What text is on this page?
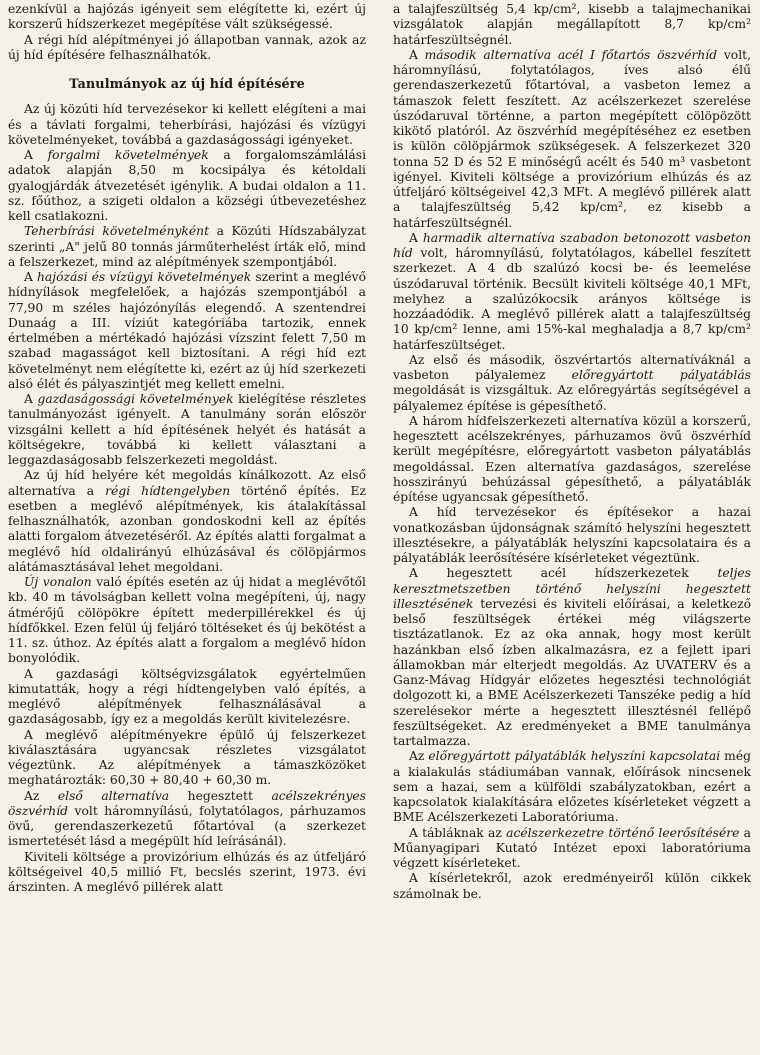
ezenkívül a hajózás igényeit sem elégítette ki, ezért új korszerű hídszerkezet megépítése vált szükségessé.

A régi híd alépítményei jó állapotban vannak, azok az új híd építésére felhasználhatók.

Tanulmányok az új híd építésére

Az új közúti híd tervezésekor ki kellett elégíteni a mai és a távlati forgalmi, teherbírási, hajózási és vízügyi követelményeket, továbbá a gazdaságossági igényeket.

A forgalmi követelmények a forgalomszámlálási adatok alapján 8,50 m kocsipálya és kétoldali gyalogjárdák átvezetését igénylik. A budai oldalon a 11. sz. főúthoz, a szigeti oldalon a községi útbevezetéshez kell csatlakozni.

Teherbírási követelményként a Közúti Hídszabályzat szerinti „A" jelű 80 tonnás járműterhelést írták elő, mind a felszerkezet, mind az alépítmények szempontjából.

A hajózási és vízügyi követelmények szerint a meglévő hídnyílások megfelelőek, a hajózás szempontjából a 77,90 m széles hajózónyílás elegendő. A szentendrei Dunaág a III. víziút kategóriába tartozik, ennek értelmében a mértékadó hajózási vízszint felett 7,50 m szabad magasságot kell biztosítani. A régi híd ezt követelményt nem elégítette ki, ezért az új híd szerkezeti alsó élét és pályaszintjét meg kellett emelni.

A gazdaságossági követelmények kielégítése részletes tanulmányozást igényelt. A tanulmány során először vizsgálni kellett a híd építésének helyét és hatását a költségekre, továbbá ki kellett választani a leggazdaságosabb felszerkezeti megoldást.

Az új híd helyére két megoldás kínálkozott. Az első alternatíva a régi hídtengelyben történő építés. Ez esetben a meglévő alépítmények, kis átalakítással felhasználhatók, azonban gondoskodni kell az építés alatti forgalom átvezetéséről. Az építés alatti forgalmat a meglévő híd oldalirányú elhúzásával és cölöpjármos alátámasztásával lehet megoldani.

Új vonalon való építés esetén az új hidat a meglévőtől kb. 40 m távolságban kellett volna megépíteni, új, nagy átmérőjű cölöpökre épített mederpillérekkel és új hídfőkkel. Ezen felül új feljáró töltéseket és új bekötést a 11. sz. úthoz. Az építés alatt a forgalom a meglévő hídon bonyolódik.

A gazdasági költségvizsgálatok egyértelműen kimutatták, hogy a régi hídtengelyben való építés, a meglévő alépítmények felhasználásával a gazdaságosabb, így ez a megoldás került kivitelezésre.

A meglévő alépítményekre épülő új felszerkezet kiválasztására ugyancsak részletes vizsgálatot végeztünk. Az alépítmények a támaszközöket meghatározták: 60,30 + 80,40 + 60,30 m.

Az első alternatíva hegesztett acélszekrényes öszvérhíd volt háromnyílású, folytatólagos, párhuzamos övű, gerendaszerkezetű főtartóval (a szerkezet ismertetését lásd a megépült híd leírásánál).

Kiviteli költsége a provizórium elhúzás és az útfeljáró költségeivel 40,5 millió Ft, becslés szerint, 1973. évi árszinten. A meglévő pillérek alatt

a talajfeszültség 5,4 kp/cm², kisebb a talajmechanikai vizsgálatok alapján megállapított 8,7 kp/cm² határfeszültségnél.

A második alternatíva acél I főtartós öszvérhíd volt, háromnyílású, folytatólagos, íves alsó élű gerendaszerkezetű főtartóval, a vasbeton lemez a támaszok felett feszített. Az acélszerkezet szerelése úszódaruval történne, a parton megépített cölöpözött kikötő platóról. Az öszvérhíd megépítéséhez ez esetben is külön cölöpjármok szükségesek. A felszerkezet 320 tonna 52 D és 52 E minőségű acélt és 540 m³ vasbetont igényel. Kiviteli költsége a provizórium elhúzás és az útfeljáró költségeivel 42,3 MFt. A meglévő pillérek alatt a talajfeszültség 5,42 kp/cm², ez kisebb a határfeszültségnél.

A harmadik alternatíva szabadon betonozott vasbeton híd volt, háromnyílású, folytatólagos, kábellel feszített szerkezet. A 4 db szalúzó kocsi be- és leemelése úszódaruval történik. Becsült kiviteli költsége 40,1 MFt, melyhez a szalúzókocsik arányos költsége is hozzáadódik. A meglévő pillérek alatt a talajfeszültség 10 kp/cm² lenne, ami 15%-kal meghaladja a 8,7 kp/cm² határfeszültséget.

Az első és második, öszvértartós alternatíváknál a vasbeton pályalemez előregyártott pályatáblás megoldását is vizsgáltuk. Az előregyártás segítségével a pályalemez építése is gépesíthető.

A három hídfelszerkezeti alternatíva közül a korszerű, hegesztett acélszekrényes, párhuzamos övű öszvérhíd került megépítésre, előregyártott vasbeton pályatáblás megoldással. Ezen alternatíva gazdaságos, szerelése hosszirányú behúzással gépesíthető, a pályatáblák építése ugyancsak gépesíthető.

A híd tervezésekor és építésekor a hazai vonatkozásban újdonságnak számító helyszíni hegesztett illesztésekre, a pályatáblák helyszíni kapcsolataira és a pályatáblák leerősítésére kísérleteket végeztünk.

A hegesztett acél hídszerkezetek teljes keresztmetszetben történő helyszíni hegesztett illesztésének tervezési és kiviteli előírásai, a keletkező belső feszültségek értékei még világszerte tisztázatlanok. Ez az oka annak, hogy most került hazánkban első ízben alkalmazásra, ez a fejlett ipari államokban már elterjedt megoldás. Az UVATERV és a Ganz-Mávag Hídgyár előzetes hegesztési technológiát dolgozott ki, a BME Acélszerkezeti Tanszéke pedig a híd szerelésekor mérte a hegesztett illesztésnél fellépő feszültségeket. Az eredményeket a BME tanulmánya tartalmazza.

Az előregyártott pályatáblák helyszíni kapcsolatai még a kialakulás stádiumában vannak, előírások nincsenek sem a hazai, sem a külföldi szabályzatokban, ezért a kapcsolatok kialakítására előzetes kísérleteket végzett a BME Acélszerkezeti Laboratóriuma.

A tábláknak az acélszerkezetre történő leerősítésére a Műanyagipari Kutató Intézet epoxi laboratóriuma végzett kísérleteket.

A kísérletekről, azok eredményeiről külön cikkek számolnak be.
